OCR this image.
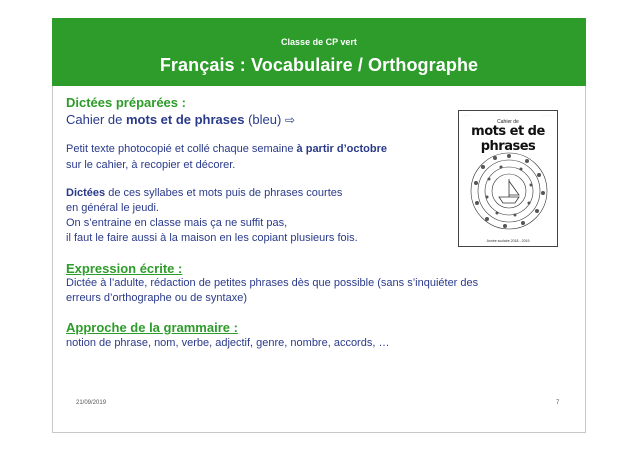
Classe de CP vert
Français : Vocabulaire / Orthographe
Dictées préparées :
Cahier de mots et de phrases (bleu) ⇨
Petit texte photocopié et collé chaque semaine à partir d’octobre
sur le cahier, à recopier et décorer.
Dictées de ces syllabes et mots puis de phrases courtes
en général le jeudi.
On s’entraine en classe mais ça ne suffit pas,
il faut le faire aussi à la maison en les copiant plusieurs fois.
· · · · ·	· · · · · · ·
Cahier de
mots et de phrases
Année scolaire 2018 - 2019
Expression écrite :
Dictée à l’adulte, rédaction de petites phrases dès que possible (sans s’inquiéter des
erreurs d’orthographe ou de syntaxe)
Approche de la grammaire :
notion de phrase, nom, verbe, adjectif, genre, nombre, accords, …
21/09/2019	7
